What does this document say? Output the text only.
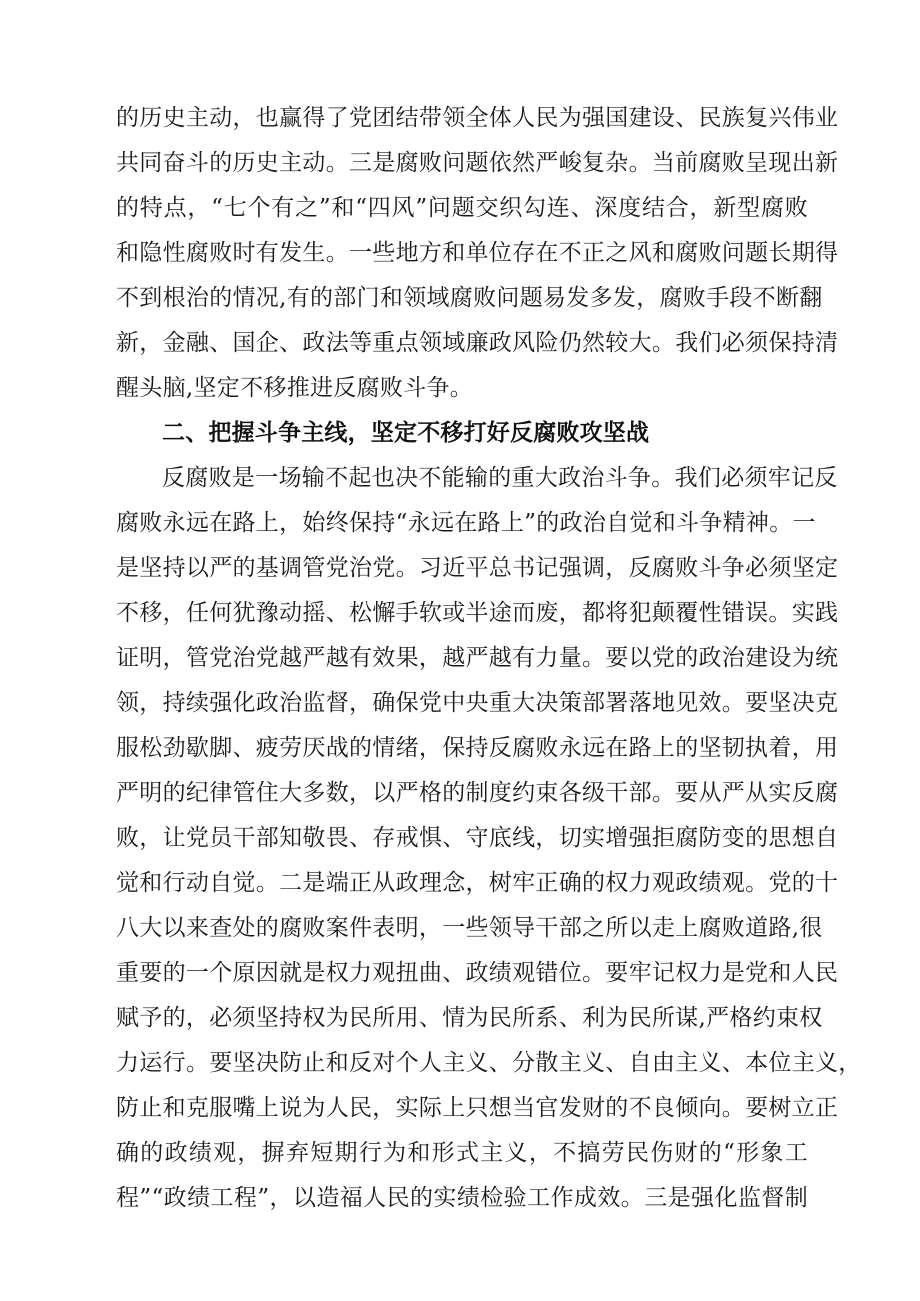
的历史主动，也赢得了党团结带领全体人民为强国建设、民族复兴伟业
共同奋斗的历史主动。三是腐败问题依然严峻复杂。当前腐败呈现出新
的特点，“七个有之”和“四风”问题交织勾连、深度结合，新型腐败
和隐性腐败时有发生。一些地方和单位存在不正之风和腐败问题长期得
不到根治的情况,有的部门和领域腐败问题易发多发，腐败手段不断翻
新，金融、国企、政法等重点领域廉政风险仍然较大。我们必须保持清
醒头脑,坚定不移推进反腐败斗争。
二、把握斗争主线，坚定不移打好反腐败攻坚战
反腐败是一场输不起也决不能输的重大政治斗争。我们必须牢记反
腐败永远在路上，始终保持“永远在路上”的政治自觉和斗争精神。一
是坚持以严的基调管党治党。习近平总书记强调，反腐败斗争必须坚定
不移，任何犹豫动摇、松懈手软或半途而废，都将犯颠覆性错误。实践
证明，管党治党越严越有效果，越严越有力量。要以党的政治建设为统
领，持续强化政治监督，确保党中央重大决策部署落地见效。要坚决克
服松劲歇脚、疲劳厌战的情绪，保持反腐败永远在路上的坚韧执着，用
严明的纪律管住大多数，以严格的制度约束各级干部。要从严从实反腐
败，让党员干部知敬畏、存戒惧、守底线，切实增强拒腐防变的思想自
觉和行动自觉。二是端正从政理念，树牢正确的权力观政绩观。党的十
八大以来查处的腐败案件表明，一些领导干部之所以走上腐败道路,很
重要的一个原因就是权力观扭曲、政绩观错位。要牢记权力是党和人民
赋予的，必须坚持权为民所用、情为民所系、利为民所谋,严格约束权
力运行。要坚决防止和反对个人主义、分散主义、自由主义、本位主义，
防止和克服嘴上说为人民，实际上只想当官发财的不良倾向。要树立正
确的政绩观，摒弃短期行为和形式主义，不搞劳民伤财的“形象工
程”“政绩工程”，以造福人民的实绩检验工作成效。三是强化监督制
